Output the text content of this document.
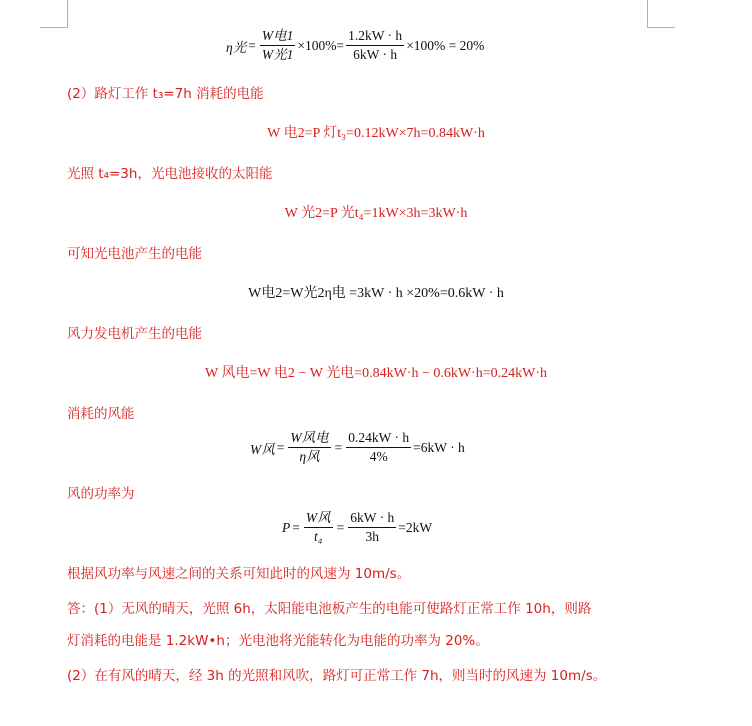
η光 = $\frac{\text{W电1}}{\text{W光1}} \times 100\%= \frac{1.2kW \cdot h}{6kW \cdot h} \times 100\% = 20\%$
(2）路灯工作 t₃=7h 消耗的电能
W 电2=P 灯t₃=0.12kW×7h=0.84kW·h
光照 t₄=3h，光电池接收的太阳能
W 光2=P 光t₄=1kW×3h=3kW·h
可知光电池产生的电能
W电2=W光2η电 =3kW · h ×20%=0.6kW · h
风力发电机产生的电能
W 风电=W 电2 − W 光电=0.84kW·h − 0.6kW·h=0.24kW·h
消耗的风能
W风 = $\frac{\text{W风电}}{\text{η风}} = \frac{0.24kW \cdot h}{4\%} =6kW \cdot h$
风的功率为
$P = \frac{\text{W风}}{\text{t₄}} = \frac{6kW \cdot h}{3h} =2kW$
根据风功率与风速之间的关系可知此时的风速为 10m/s。
答：(1）无风的晴天，光照 6h，太阳能电池板产生的电能可使路灯正常工作 10h，则路
灯消耗的电能是 1.2kW•h；光电池将光能转化为电能的功率为 20%。
(2）在有风的晴天，经 3h 的光照和风吹，路灯可正常工作 7h，则当时的风速为 10m/s。
